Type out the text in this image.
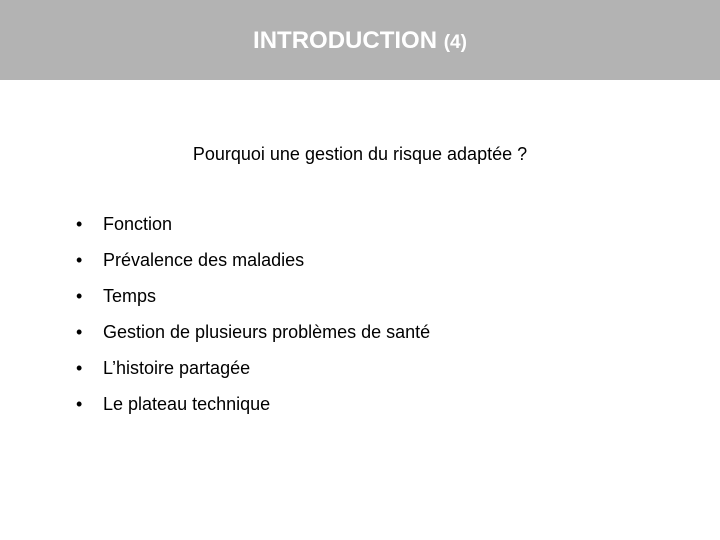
INTRODUCTION (4)
Pourquoi une gestion du risque adaptée ?
• Fonction
• Prévalence des maladies
• Temps
• Gestion de plusieurs problèmes de santé
• L’histoire partagée
• Le plateau technique
